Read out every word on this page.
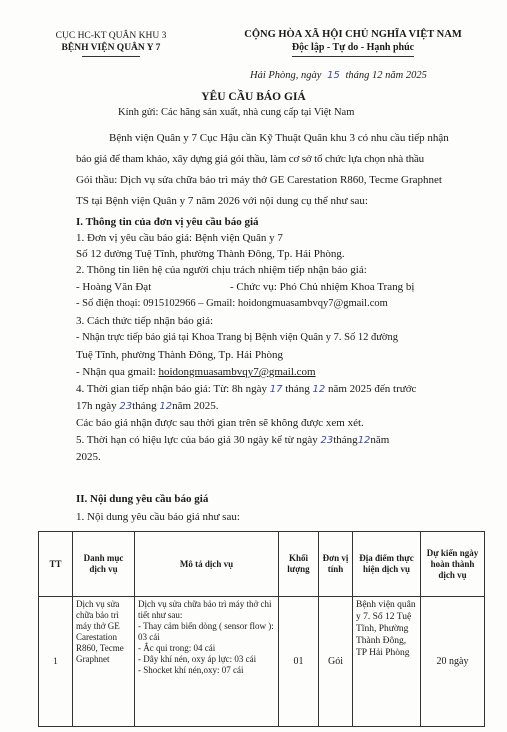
CỤC HC-KT QUÂN KHU 3
BỆNH VIỆN QUÂN Y 7
CỘNG HÒA XÃ HỘI CHỦ NGHĨA VIỆT NAM
Độc lập - Tự do - Hạnh phúc
Hải Phòng, ngày 15 tháng 12 năm 2025
YÊU CẦU BÁO GIÁ
Kính gửi: Các hãng sản xuất, nhà cung cấp tại Việt Nam
Bệnh viện Quân y 7 Cục Hậu cần Kỹ Thuật Quân khu 3 có nhu cầu tiếp nhận
báo giá để tham khảo, xây dựng giá gói thầu, làm cơ sở tổ chức lựa chọn nhà thầu
Gói thầu: Dịch vụ sửa chữa bảo trì máy thở GE Carestation R860, Tecme Graphnet
TS tại Bệnh viện Quân y 7 năm 2026 với nội dung cụ thể như sau:
I. Thông tin của đơn vị yêu cầu báo giá
1. Đơn vị yêu cầu báo giá: Bệnh viện Quân y 7
Số 12 đường Tuệ Tĩnh, phường Thành Đông, Tp. Hải Phòng.
2. Thông tin liên hệ của người chịu trách nhiệm tiếp nhận báo giá:
- Hoàng Văn Đạt	- Chức vụ: Phó Chủ nhiệm Khoa Trang bị
- Số điện thoại: 0915102966 – Gmail: hoidongmuasambvqy7@gmail.com
3. Cách thức tiếp nhận báo giá:
- Nhận trực tiếp báo giá tại Khoa Trang bị Bệnh viện Quân y 7. Số 12 đường
Tuệ Tĩnh, phường Thành Đông, Tp. Hải Phòng
- Nhận qua gmail: hoidongmuasambvqy7@gmail.com
4. Thời gian tiếp nhận báo giá: Từ: 8h ngày 17 tháng 12 năm 2025 đến trước
17h ngày 23tháng 12năm 2025.
Các báo giá nhận được sau thời gian trên sẽ không được xem xét.
5. Thời hạn có hiệu lực của báo giá 30 ngày kể từ ngày 23tháng12năm
2025.
II. Nội dung yêu cầu báo giá
1. Nội dung yêu cầu báo giá như sau:
TT	Danh mục dịch vụ	Mô tả dịch vụ	Khối lượng	Đơn vị tính	Địa điểm thực hiện dịch vụ	Dự kiến ngày hoàn thành dịch vụ
1	Dịch vụ sửa chữa bảo trì máy thở GE Carestation R860, Tecme Graphnet	Dịch vụ sửa chữa bảo trì máy thở chi tiết như sau:
- Thay cảm biến dòng ( sensor flow ): 03 cái
- Ắc qui trong: 04 cái
- Dây khí nén, oxy áp lực: 03 cái
- Shocket khí nén,oxy: 07 cái	01	Gói	Bệnh viện quân y 7. Số 12 Tuệ Tĩnh, Phường Thành Đông, TP Hải Phòng	20 ngày
